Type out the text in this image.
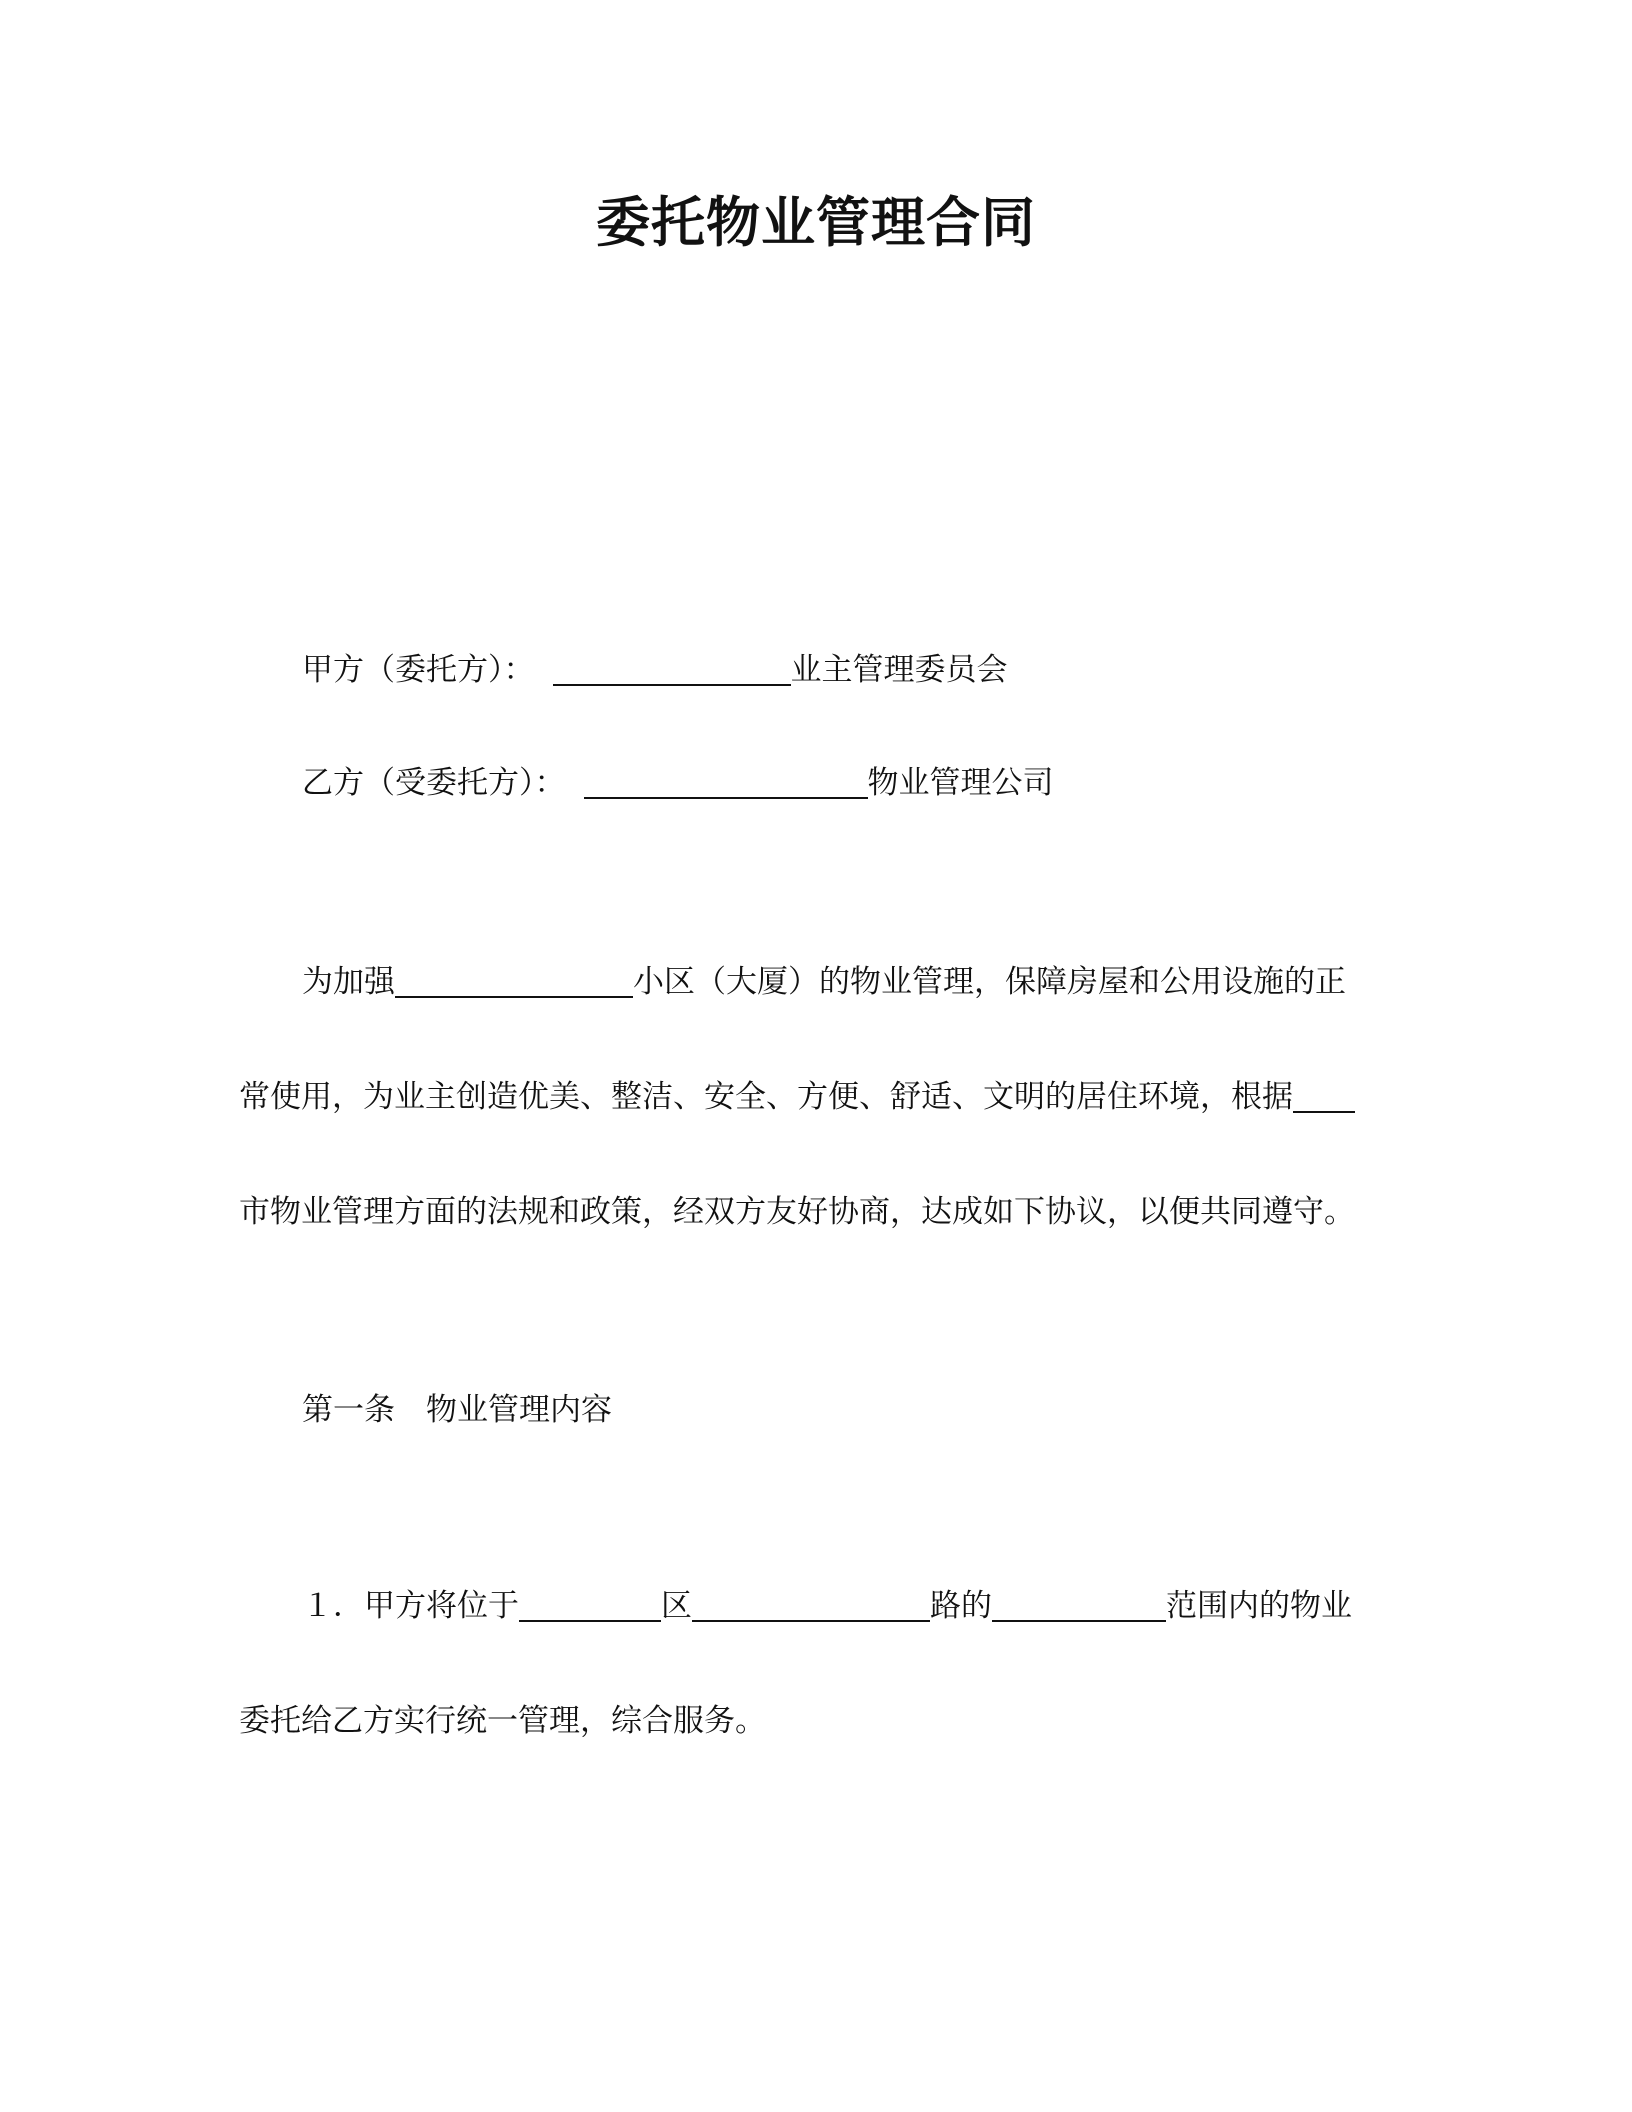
委托物业管理合同
甲方（委托方）：	业主管理委员会
乙方（受委托方）：	物业管理公司
为加强	小区（大厦）的物业管理，保障房屋和公用设施的正
常使用，为业主创造优美、整洁、安全、方便、舒适、文明的居住环境，根据
市物业管理方面的法规和政策，经双方友好协商，达成如下协议，以便共同遵守。
第一条　物业管理内容
１．甲方将位于	区	路的	范围内的物业
委托给乙方实行统一管理，综合服务。
